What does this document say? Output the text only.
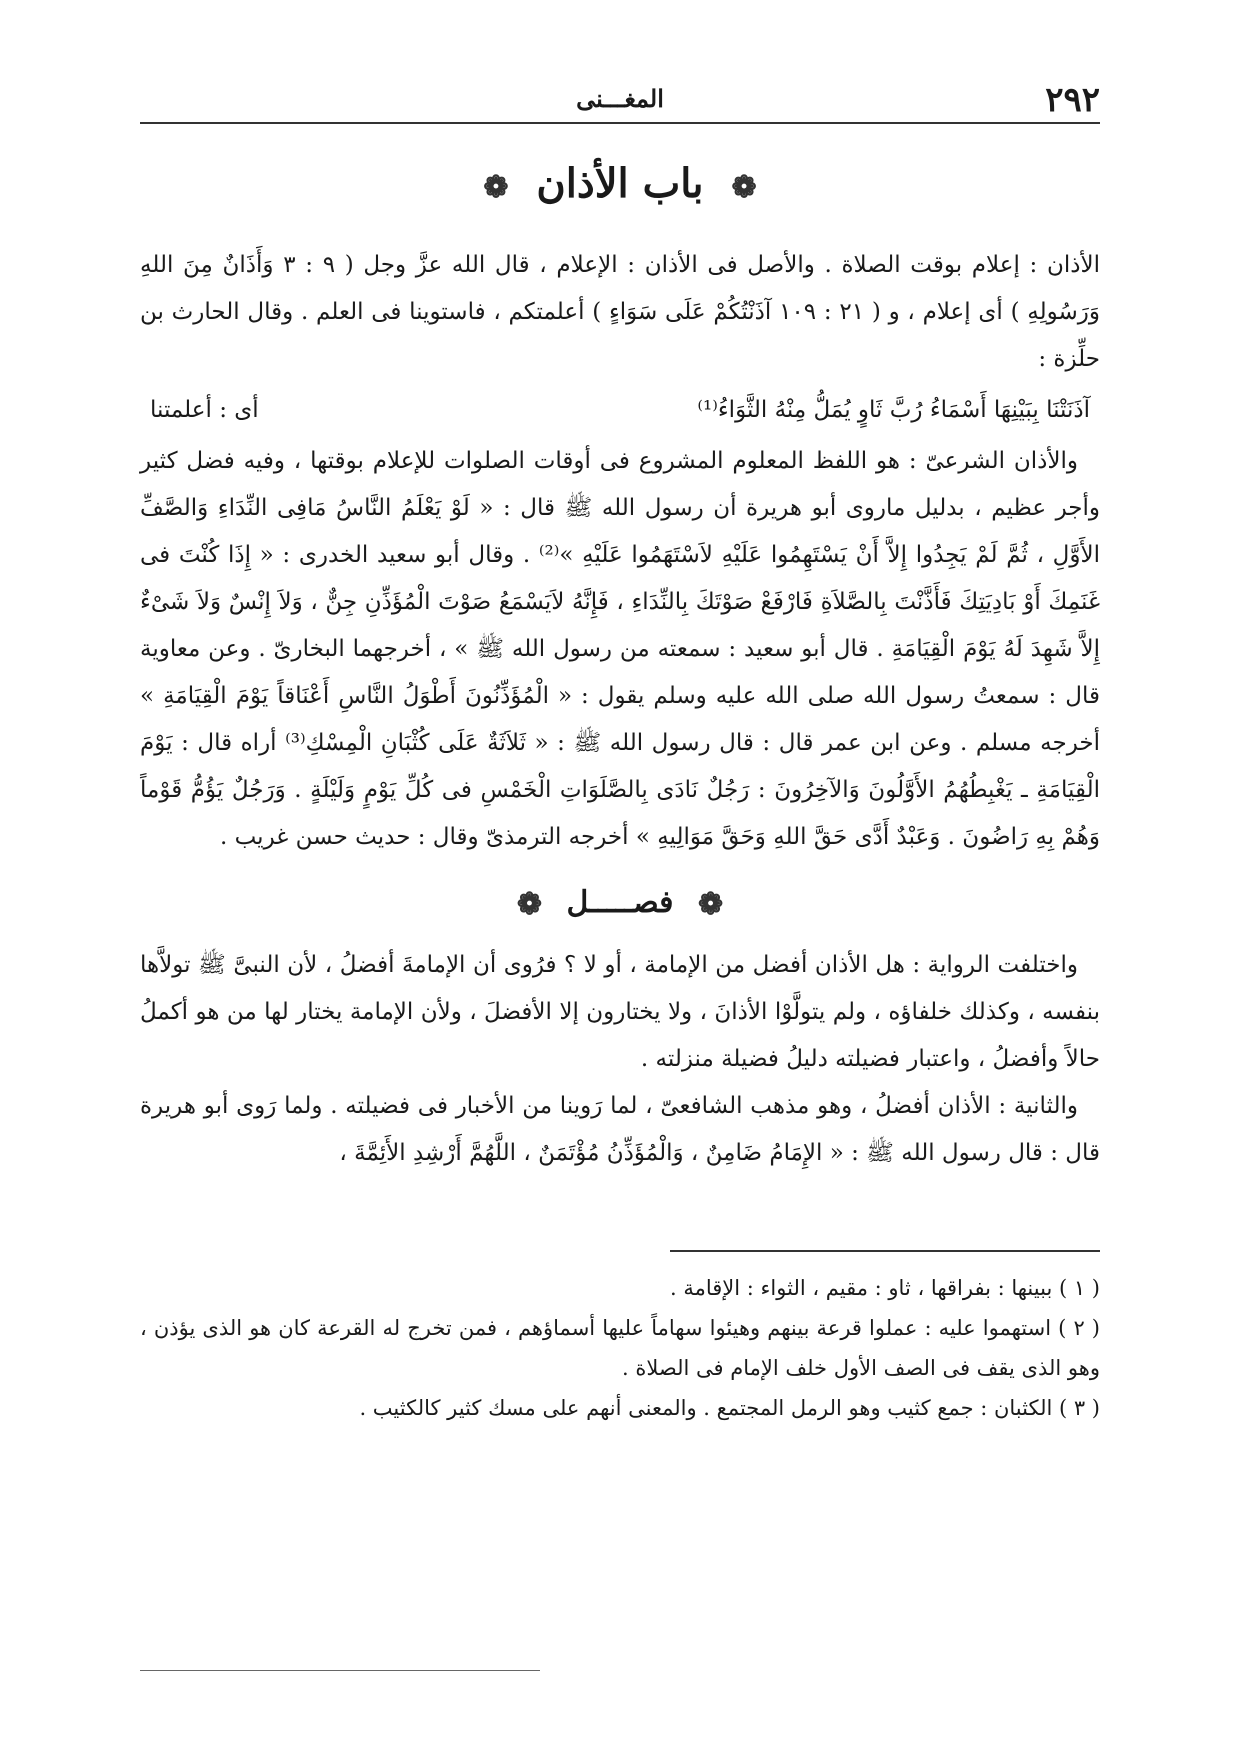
٢٩٢
المغـــنى
❁ باب الأذان ❁

الأذان : إعلام بوقت الصلاة . والأصل فى الأذان : الإعلام ، قال الله عزَّ وجل ( ٩ : ٣ وَأَذَانٌ مِنَ اللهِ وَرَسُولِهِ ) أى إعلام ، و ( ٢١ : ١٠٩ آذَنْتُكُمْ عَلَى سَوَاءٍ ) أعلمتكم ، فاستوينا فى العلم . وقال الحارث بن حلِّزة :

آذَنَتْنَا بِبَيْنِهَا أَسْمَاءُ رُبَّ ثَاوٍ يُمَلُّ مِنْهُ الثَّوَاءُ⁽¹⁾
أى : أعلمتنا

والأذان الشرعىّ : هو اللفظ المعلوم المشروع فى أوقات الصلوات للإعلام بوقتها ، وفيه فضل كثير وأجر عظيم ، بدليل ماروى أبو هريرة أن رسول الله ﷺ قال : « لَوْ يَعْلَمُ النَّاسُ مَافِى النِّدَاءِ وَالصَّفِّ الأَوَّلِ ، ثُمَّ لَمْ يَجِدُوا إِلاَّ أَنْ يَسْتَهِمُوا عَلَيْهِ لاَسْتَهَمُوا عَلَيْهِ »⁽²⁾ . وقال أبو سعيد الخدرى : « إِذَا كُنْتَ فى غَنَمِكَ أَوْ بَادِيَتِكَ فَأَذَّنْتَ بِالصَّلاَةِ فَارْفَعْ صَوْتَكَ بِالنِّدَاءِ ، فَإِنَّهُ لاَيَسْمَعُ صَوْتَ الْمُؤَذِّنِ جِنٌّ ، وَلاَ إِنْسٌ وَلاَ شَىْءٌ إِلاَّ شَهِدَ لَهُ يَوْمَ الْقِيَامَةِ . قال أبو سعيد : سمعته من رسول الله ﷺ » ، أخرجهما البخارىّ . وعن معاوية قال : سمعتُ رسول الله صلى الله عليه وسلم يقول : « الْمُؤَذِّنُونَ أَطْوَلُ النَّاسِ أَعْنَاقاً يَوْمَ الْقِيَامَةِ » أخرجه مسلم . وعن ابن عمر قال : قال رسول الله ﷺ : « ثَلاَثَةٌ عَلَى كُثْبَانِ الْمِسْكِ⁽³⁾ أراه قال : يَوْمَ الْقِيَامَةِ ـ يَغْبِطُهُمُ الأَوَّلُونَ وَالآخِرُونَ : رَجُلٌ نَادَى بِالصَّلَوَاتِ الْخَمْسِ فى كُلِّ يَوْمٍ وَلَيْلَةٍ . وَرَجُلٌ يَؤُمُّ قَوْماً وَهُمْ بِهِ رَاضُونَ . وَعَبْدٌ أَدَّى حَقَّ اللهِ وَحَقَّ مَوَالِيهِ » أخرجه الترمذىّ وقال : حديث حسن غريب .

❁ فصـــــل ❁

واختلفت الرواية : هل الأذان أفضل من الإمامة ، أو لا ؟ فرُوى أن الإمامةَ أفضلُ ، لأن النبىَّ ﷺ تولاَّها بنفسه ، وكذلك خلفاؤه ، ولم يتولَّوْا الأذانَ ، ولا يختارون إلا الأفضلَ ، ولأن الإمامة يختار لها من هو أكملُ حالاً وأفضلُ ، واعتبار فضيلته دليلُ فضيلة منزلته .

والثانية : الأذان أفضلُ ، وهو مذهب الشافعىّ ، لما رَوينا من الأخبار فى فضيلته . ولما رَوى أبو هريرة قال : قال رسول الله ﷺ : « الإِمَامُ ضَامِنٌ ، وَالْمُؤَذِّنُ مُؤْتَمَنٌ ، اللَّهُمَّ أَرْشِدِ الأَئِمَّةَ ،

( ١ ) ببينها : بفراقها ، ثاو : مقيم ، الثواء : الإقامة .

( ٢ ) استهموا عليه : عملوا قرعة بينهم وهيئوا سهاماً عليها أسماؤهم ، فمن تخرج له القرعة كان هو الذى يؤذن ، وهو الذى يقف فى الصف الأول خلف الإمام فى الصلاة .

( ٣ ) الكثبان : جمع كثيب وهو الرمل المجتمع . والمعنى أنهم على مسك كثير كالكثيب .
